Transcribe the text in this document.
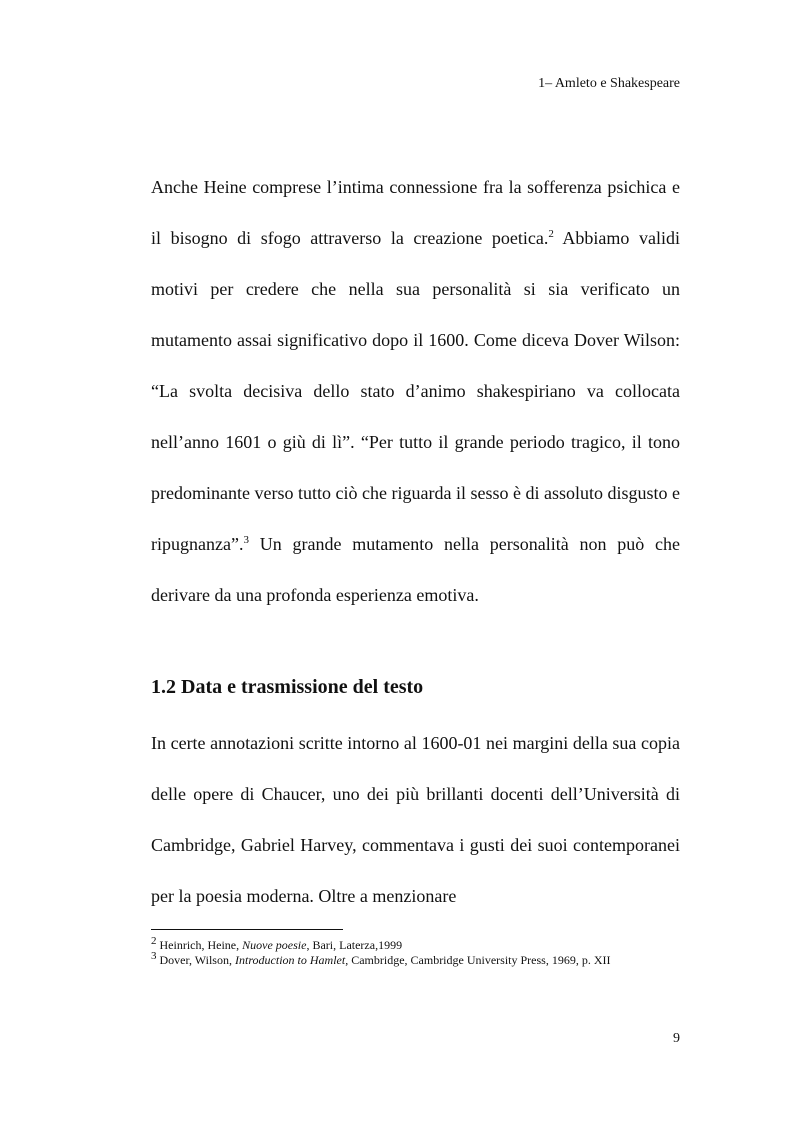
1– Amleto e Shakespeare

Anche Heine comprese l’intima connessione fra la sofferenza psichica e il bisogno di sfogo attraverso la creazione poetica.$^2$ Abbiamo validi motivi per credere che nella sua personalità si sia verificato un mutamento assai significativo dopo il 1600. Come diceva Dover Wilson: “La svolta decisiva dello stato d’animo shakespiriano va collocata nell’anno 1601 o giù di lì”. “Per tutto il grande periodo tragico, il tono predominante verso tutto ciò che riguarda il sesso è di assoluto disgusto e ripugnanza”.$^3$ Un grande mutamento nella personalità non può che derivare da una profonda esperienza emotiva.

1.2 Data e trasmissione del testo

In certe annotazioni scritte intorno al 1600-01 nei margini della sua copia delle opere di Chaucer, uno dei più brillanti docenti dell’Università di Cambridge, Gabriel Harvey, commentava i gusti dei suoi contemporanei per la poesia moderna. Oltre a menzionare

$^2$ Heinrich, Heine, Nuove poesie, Bari, Laterza,1999

$^3$ Dover, Wilson, Introduction to Hamlet, Cambridge, Cambridge University Press, 1969, p. XII

9
